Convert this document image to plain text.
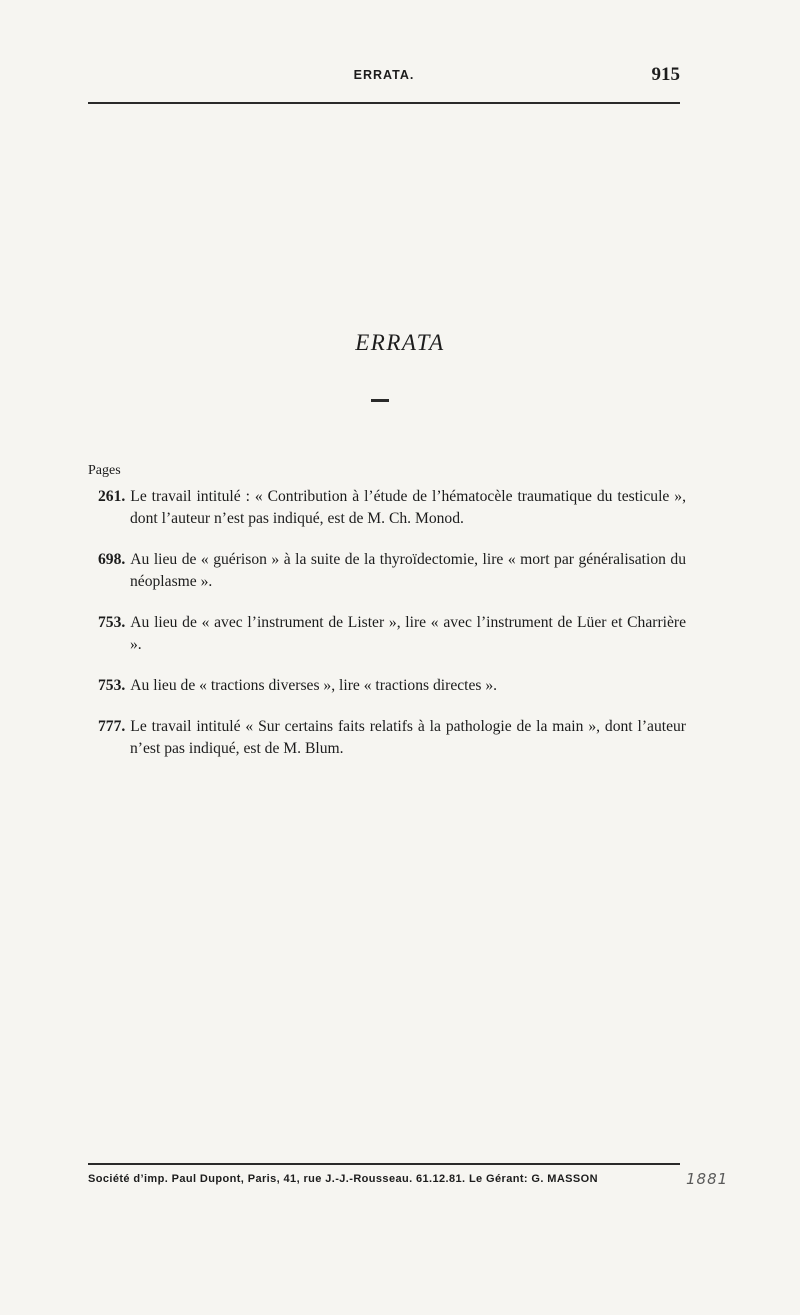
ERRATA.	915
ERRATA
Pages

261. Le travail intitulé : « Contribution à l’étude de l’hématocèle traumatique du testicule », dont l’auteur n’est pas indiqué, est de M. Ch. Monod.

698. Au lieu de « guérison » à la suite de la thyroïdectomie, lire « mort par généralisation du néoplasme ».

753. Au lieu de « avec l’instrument de Lister », lire « avec l’instrument de Lüer et Charrière ».

753. Au lieu de « tractions diverses », lire « tractions directes ».

777. Le travail intitulé « Sur certains faits relatifs à la pathologie de la main », dont l’auteur n’est pas indiqué, est de M. Blum.

Société d’imp. Paul Dupont, Paris, 41, rue J.-J.-Rousseau. 61.12.81. Le Gérant: G. MASSON	1881
